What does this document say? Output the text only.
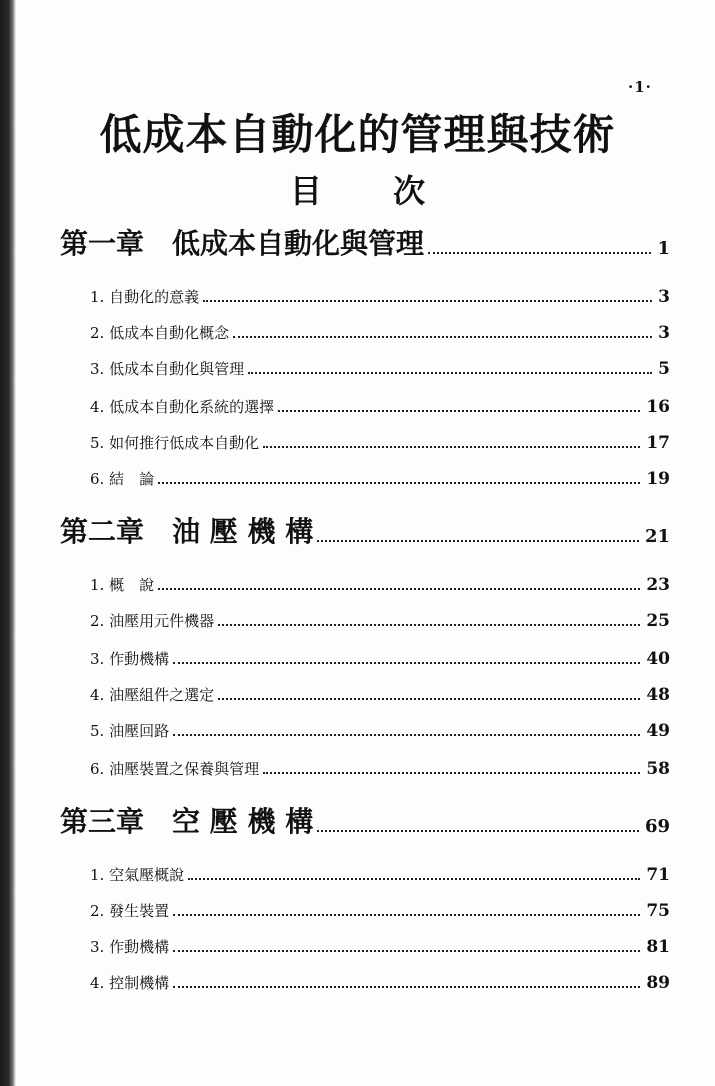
·1·
低成本自動化的管理與技術
目 次
第一章　低成本自動化與管理	1
1. 自動化的意義	3
2. 低成本自動化概念	3
3. 低成本自動化與管理	5
4. 低成本自動化系統的選擇	16
5. 如何推行低成本自動化	17
6. 結　論	19
第二章　油 壓 機 構	21
1. 概　說	23
2. 油壓用元件機器	25
3. 作動機構	40
4. 油壓組件之選定	48
5. 油壓回路	49
6. 油壓裝置之保養與管理	58
第三章　空 壓 機 構	69
1. 空氣壓概說	71
2. 發生裝置	75
3. 作動機構	81
4. 控制機構	89
